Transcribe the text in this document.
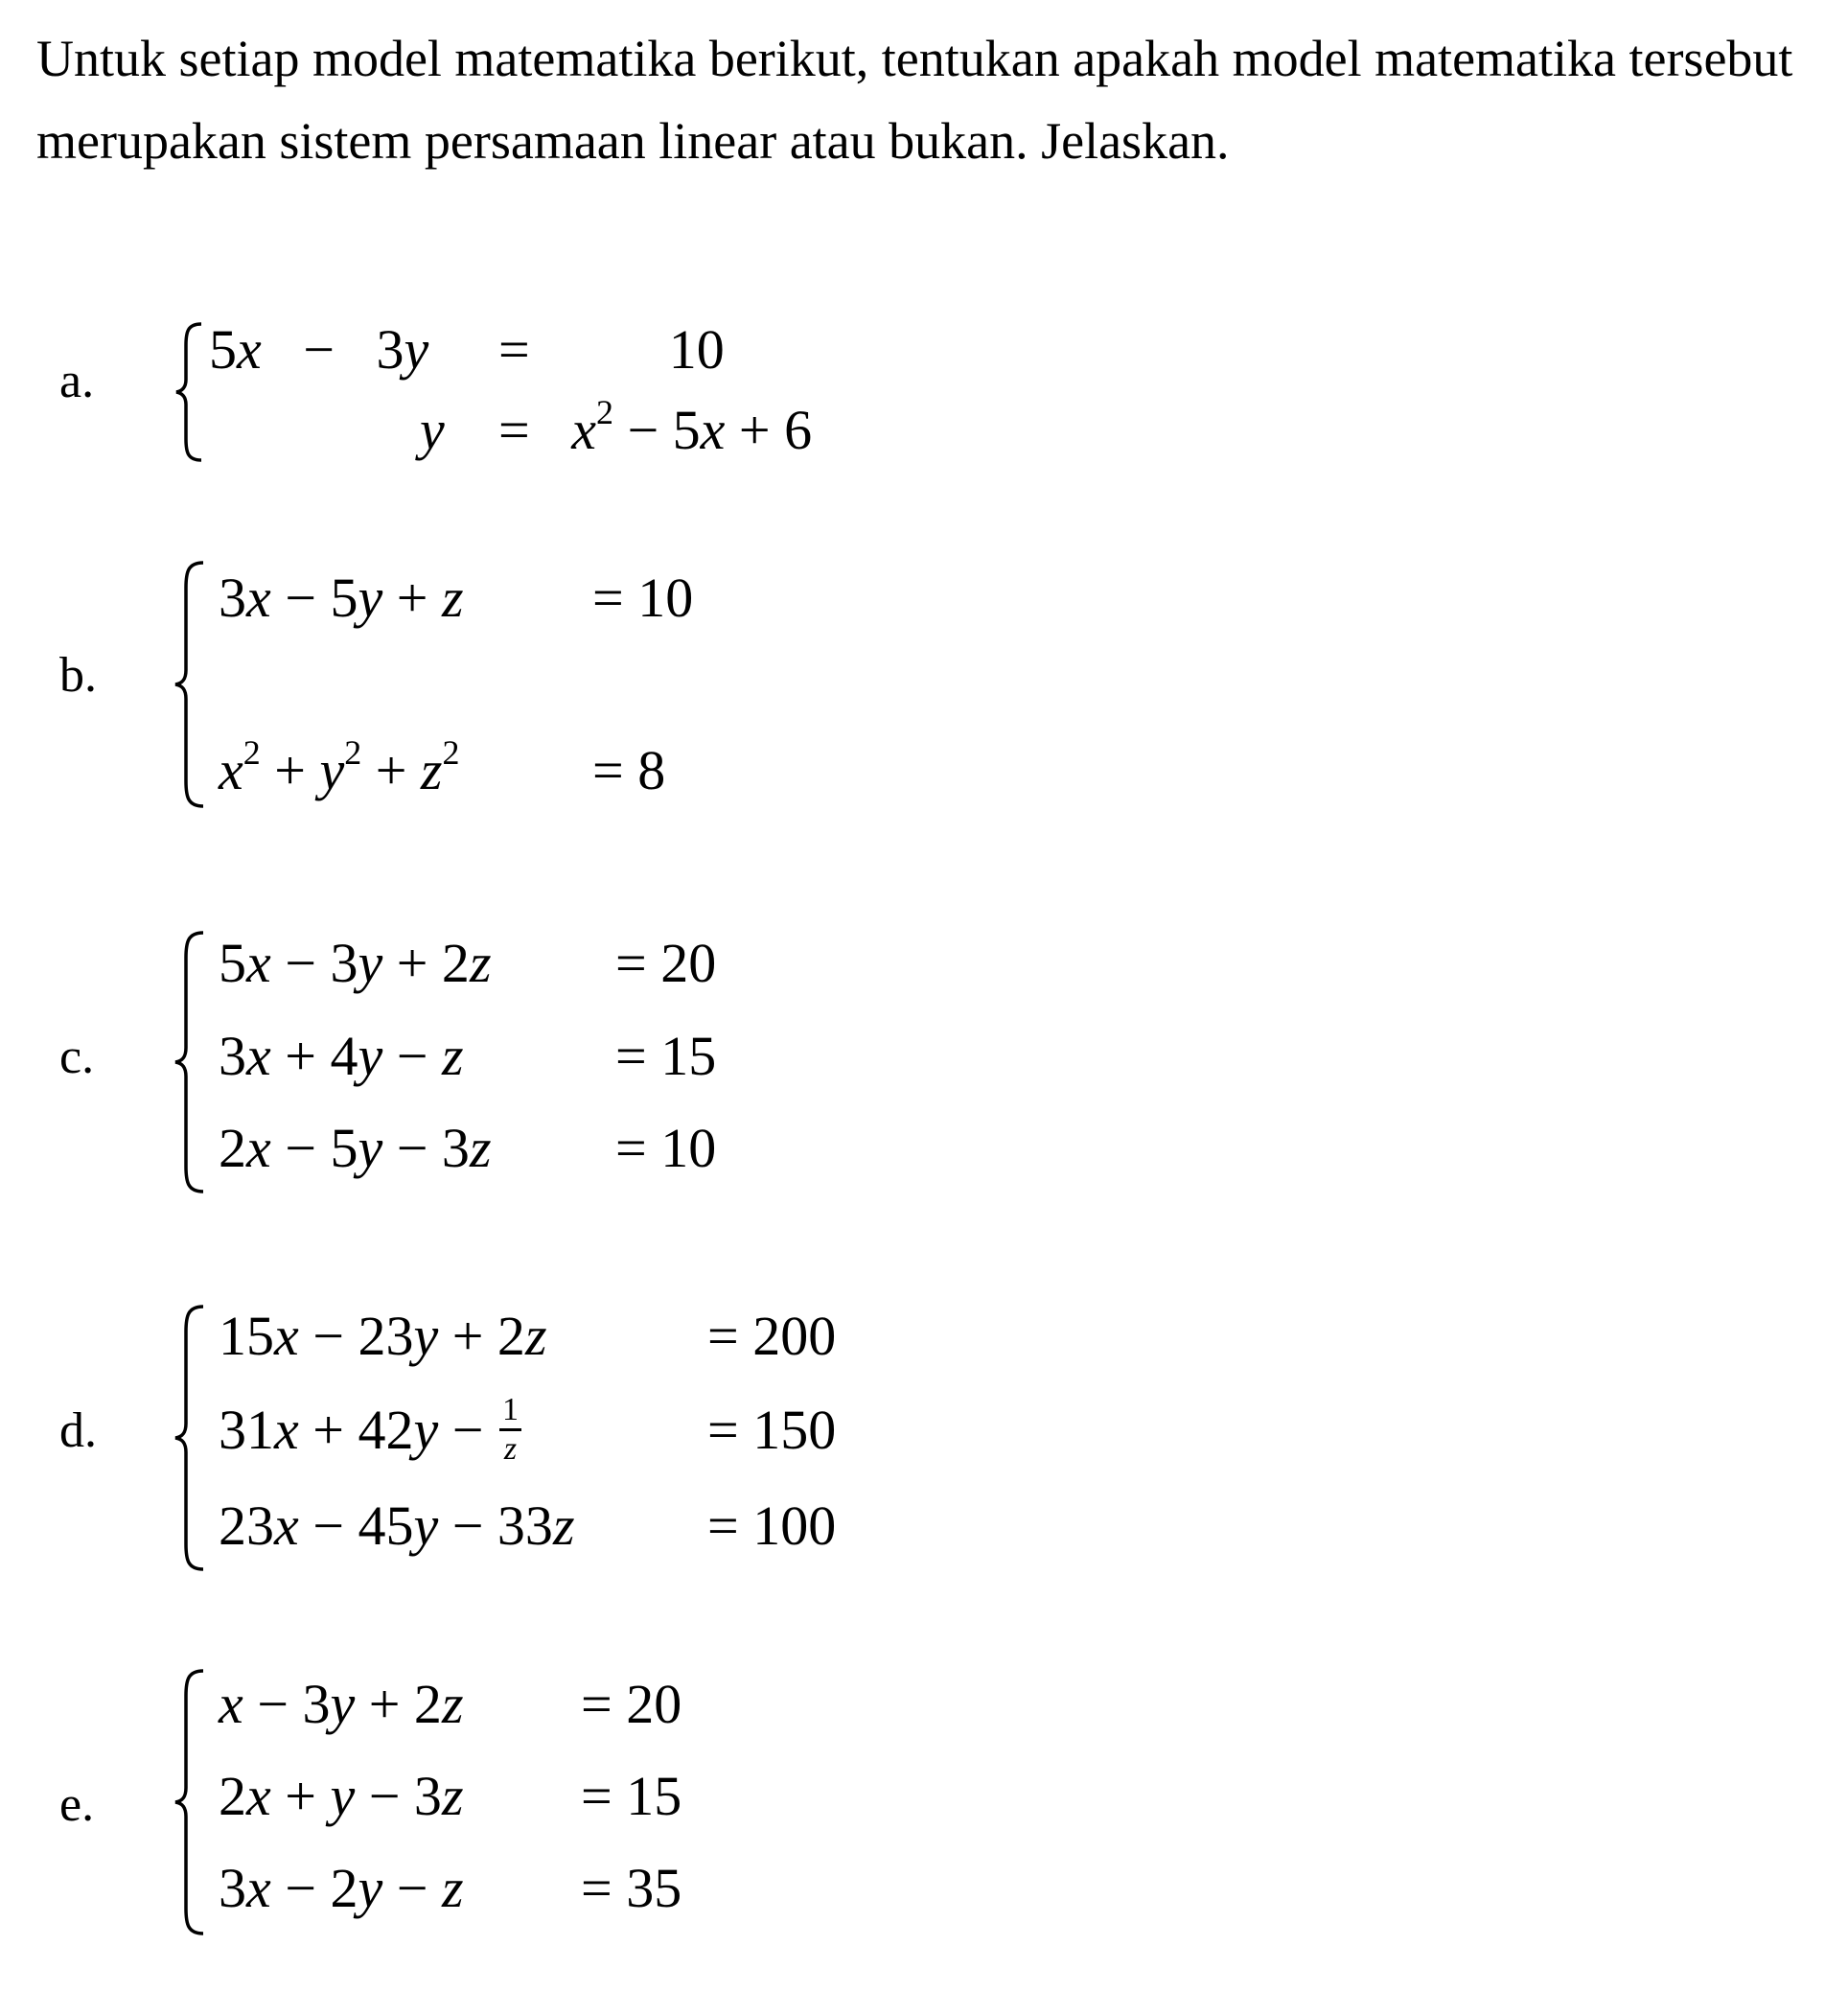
Untuk setiap model matematika berikut, tentukan apakah model matematika tersebut merupakan sistem persamaan linear atau bukan. Jelaskan.

a.
5x   −   3y =          10
$y = x^2 - 5x + 6$
b.
3x − 5y + z = 10
$x^2 + y^2 + z^2 = 8$
c.
5x − 3y + 2z = 20
3x + 4y − z	= 15
2x − 5y − 3z = 10
d.
15x − 23y + 2z	= 200
$31x + 42y - \frac{1}{z}$	= 150
23x − 45y − 33z = 100
e.
x − 3y + 2z = 20
2x + y − 3z = 15
3x − 2y − z = 35
